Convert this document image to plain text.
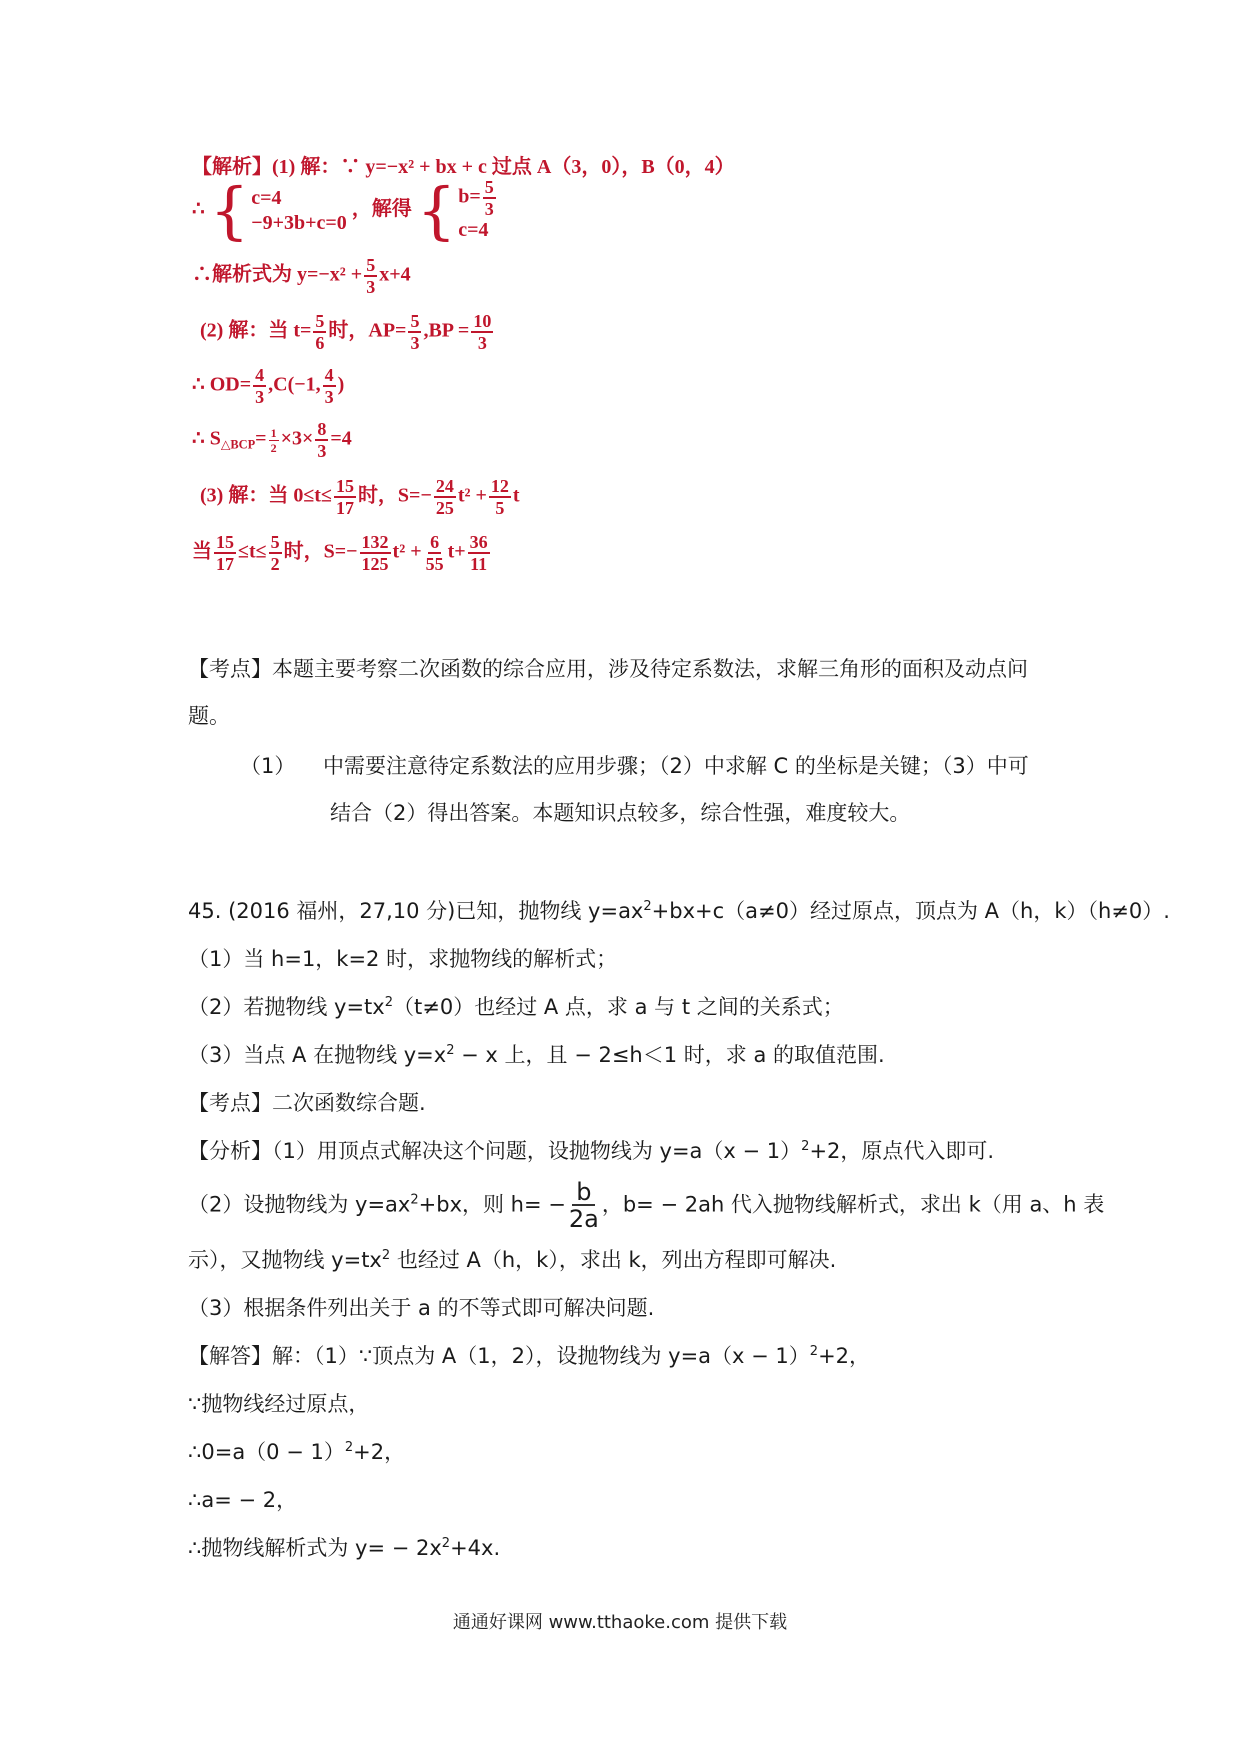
【解析】(1) 解：∵ y=−x² + bx + c 过点 A（3，0），B（0，4）
∴ { c=4
−9+3b+c=0
，解得 { $b= \frac{5}{3}$
c=4
∴解析式为 $y=-x^2 + \frac{5}{3} x+4$
(2) 解：当 $t= \frac{5}{6}$ 时，$AP= \frac{5}{3} ,BP = \frac{10}{3}$
∴ $OD= \frac{4}{3} ,C(-1$, $\frac{4}{3}$ )
∴ $S_{\triangle BCP}= \frac{1}{2} \times 3\times \frac{8}{3} =4$
(3) 解：当 $0\le t\le \frac{15}{17}$ 时，$S=- \frac{24}{25} t^2 + \frac{12}{5}$ t
当 $\frac{15}{17} \le t\le \frac{5}{2}$ 时，$S=- \frac{132}{125} t^2 + \frac{6}{55} t+ \frac{36}{11}$
【考点】本题主要考察二次函数的综合应用，涉及待定系数法，求解三角形的面积及动点问
题。
（1） 中需要注意待定系数法的应用步骤；（2）中求解 C 的坐标是关键；（3）中可
结合（2）得出答案。本题知识点较多，综合性强，难度较大。
45. (2016 福州，27,10 分)已知，抛物线 $y=ax^2+bx+c(a\ne 0)$经过原点，顶点为 A（h，k）（h≠0）.
（1）当 h=1，k=2 时，求抛物线的解析式；
（2）若抛物线 $y=tx^2(t\ne 0)$也经过 A 点，求 a 与 t 之间的关系式；
（3）当点 A 在抛物线 $y=x^2 - x$ 上，且 − 2≤h＜1 时，求 a 的取值范围.
【考点】二次函数综合题.
【分析】（1）用顶点式解决这个问题，设抛物线为 $y=a(x - 1)^2+2$，原点代入即可.
（2）设抛物线为 $y=ax^2+bx$，则 $h= - \frac{b}{2a}$ ，b= − 2ah 代入抛物线解析式，求出 k（用 a、h 表
示），又抛物线 $y=tx^2$ 也经过 A（h，k），求出 k，列出方程即可解决.
（3）根据条件列出关于 a 的不等式即可解决问题.
【解答】解：（1）∵顶点为 A（1，2），设抛物线为 $y=a(x - 1)^2+2$，
∵抛物线经过原点，
∴0=a（0 − 1）$^2$+2，
∴a= − 2，
∴抛物线解析式为 $y= - 2x^2+4x$.
通通好课网 www.tthaoke.com 提供下载
